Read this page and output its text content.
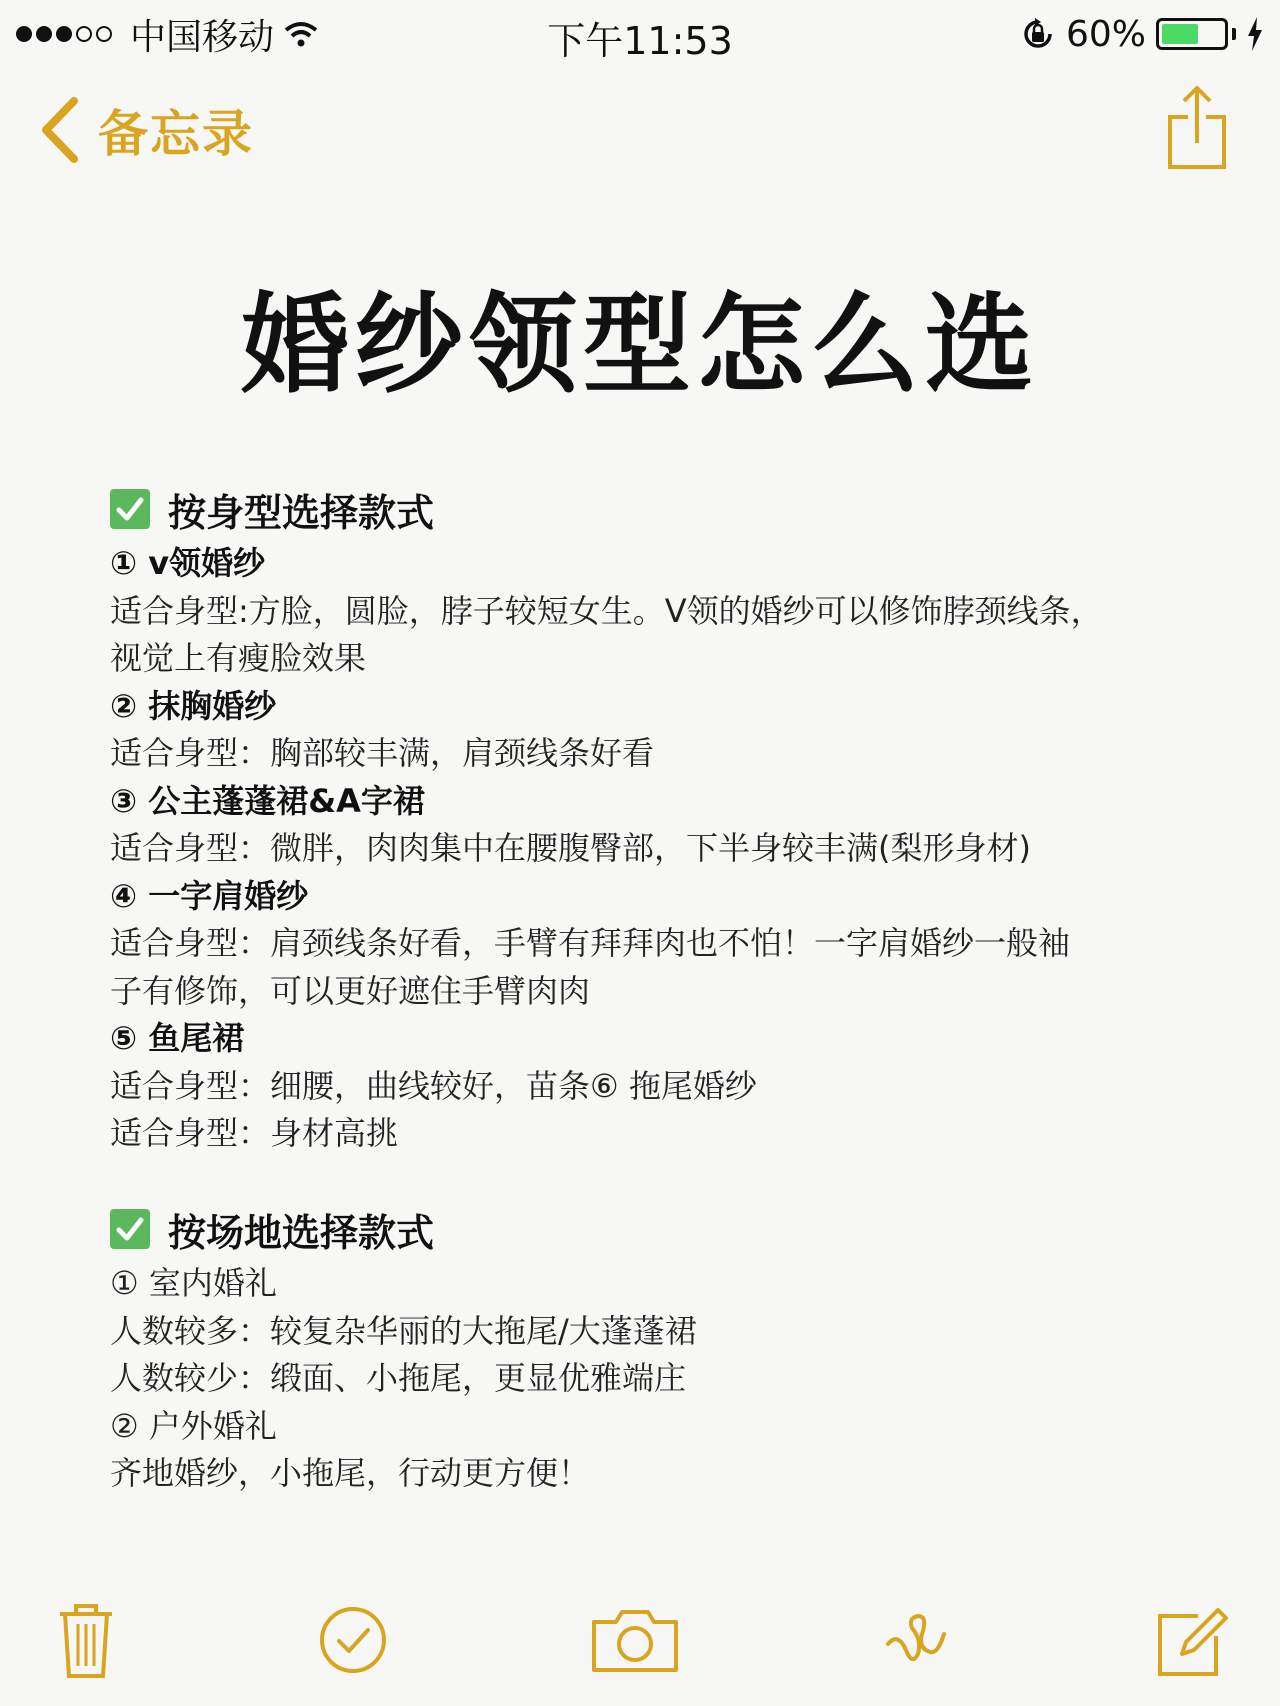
中国移动	下午11:53	60%
备忘录
婚纱领型怎么选
按身型选择款式
① v领婚纱
适合身型:方脸，圆脸，脖子较短女生。V领的婚纱可以修饰脖颈线条，
视觉上有瘦脸效果
② 抹胸婚纱
适合身型：胸部较丰满，肩颈线条好看
③ 公主蓬蓬裙&A字裙
适合身型：微胖，肉肉集中在腰腹臀部，下半身较丰满(梨形身材)
④ 一字肩婚纱
适合身型：肩颈线条好看，手臂有拜拜肉也不怕！一字肩婚纱一般袖
子有修饰，可以更好遮住手臂肉肉
⑤ 鱼尾裙
适合身型：细腰，曲线较好，苗条⑥ 拖尾婚纱
适合身型：身材高挑
按场地选择款式
① 室内婚礼
人数较多：较复杂华丽的大拖尾/大蓬蓬裙
人数较少：缎面、小拖尾，更显优雅端庄
② 户外婚礼
齐地婚纱，小拖尾，行动更方便！
